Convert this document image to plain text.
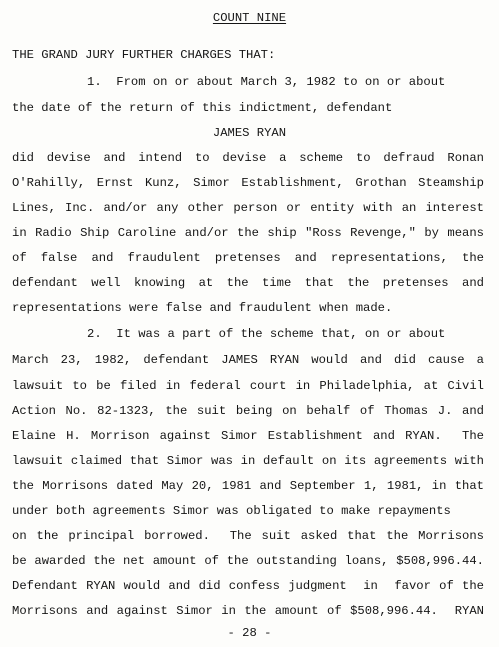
COUNT NINE
THE GRAND JURY FURTHER CHARGES THAT:
1.  From on or about March 3, 1982 to on or about
the date of the return of this indictment, defendant
JAMES RYAN
did devise and intend to devise a scheme to defraud Ronan
O'Rahilly, Ernst Kunz, Simor Establishment, Grothan Steamship
Lines, Inc. and/or any other person or entity with an interest
in Radio Ship Caroline and/or the ship "Ross Revenge," by means
of false and fraudulent pretenses and representations, the
defendant well knowing at the time that the pretenses and
representations were false and fraudulent when made.
2.  It was a part of the scheme that, on or about
March 23, 1982, defendant JAMES RYAN would and did cause a
lawsuit to be filed in federal court in Philadelphia, at Civil
Action No. 82-1323, the suit being on behalf of Thomas J. and
Elaine H. Morrison against Simor Establishment and RYAN.  The
lawsuit claimed that Simor was in default on its agreements with
the Morrisons dated May 20, 1981 and September 1, 1981, in that
under both agreements Simor was obligated to make repayments
on the principal borrowed.  The suit asked that the Morrisons
be awarded the net amount of the outstanding loans, $508,996.44.
Defendant RYAN would and did confess judgment  in  favor of the
Morrisons and against Simor in the amount of $508,996.44.  RYAN
- 28 -
